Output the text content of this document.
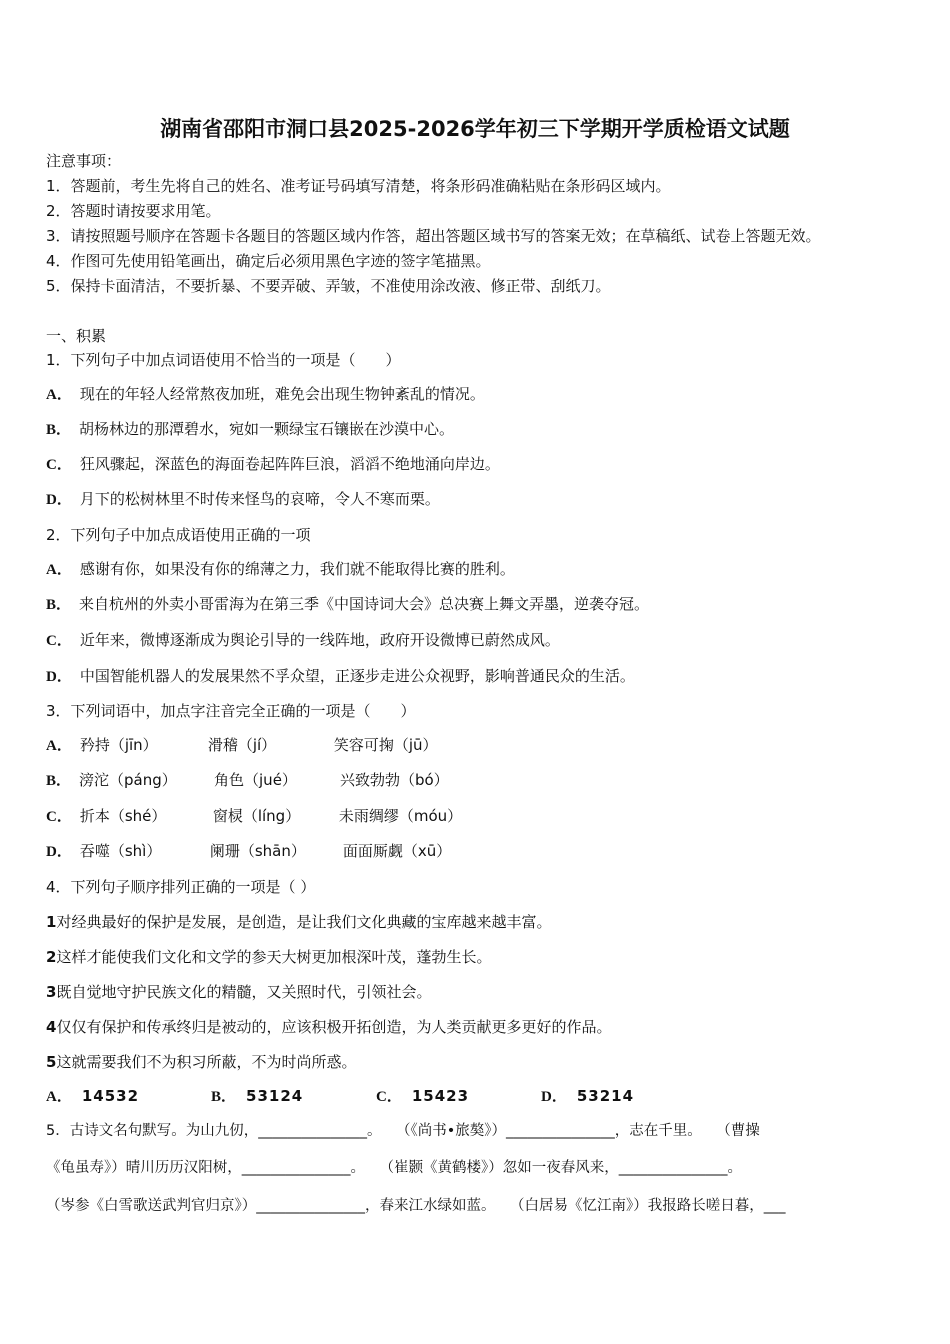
湖南省邵阳市洞口县2025-2026学年初三下学期开学质检语文试题
注意事项：
1．答题前，考生先将自己的姓名、准考证号码填写清楚，将条形码准确粘贴在条形码区域内。
2．答题时请按要求用笔。
3．请按照题号顺序在答题卡各题目的答题区域内作答，超出答题区域书写的答案无效；在草稿纸、试卷上答题无效。
4．作图可先使用铅笔画出，确定后必须用黑色字迹的签字笔描黑。
5．保持卡面清洁，不要折暴、不要弄破、弄皱，不准使用涂改液、修正带、刮纸刀。
一、积累
1．下列句子中加点词语使用不恰当的一项是（　　）
A． 现在的年轻人经常熬夜加班，难免会出现生物钟紊乱的情况。
B． 胡杨林边的那潭碧水，宛如一颗绿宝石镶嵌在沙漠中心。
C． 狂风骤起，深蓝色的海面卷起阵阵巨浪，滔滔不绝地涌向岸边。
D． 月下的松树林里不时传来怪鸟的哀啼，令人不寒而栗。
2．下列句子中加点成语使用正确的一项
A． 感谢有你，如果没有你的绵薄之力，我们就不能取得比赛的胜利。
B． 来自杭州的外卖小哥雷海为在第三季《中国诗词大会》总决赛上舞文弄墨，逆袭夺冠。
C． 近年来，微博逐渐成为舆论引导的一线阵地，政府开设微博已蔚然成风。
D． 中国智能机器人的发展果然不孚众望，正逐步走进公众视野，影响普通民众的生活。
3．下列词语中，加点字注音完全正确的一项是（　　）
A． 矜持（jīn）	滑稽（jí）	笑容可掬（jū）
B． 滂沱（páng） 角色（jué）	兴致勃勃（bó）
C． 折本（shé）	窗棂（líng）	未雨绸缪（móu）
D． 吞噬（shì）	阑珊（shān） 面面厮觑（xū）
4．下列句子顺序排列正确的一项是（ ）
1对经典最好的保护是发展，是创造，是让我们文化典藏的宝库越来越丰富。
2这样才能使我们文化和文学的参天大树更加根深叶茂，蓬勃生长。
3既自觉地守护民族文化的精髓，又关照时代，引领社会。
4仅仅有保护和传承终归是被动的，应该积极开拓创造，为人类贡献更多更好的作品。
5这就需要我们不为积习所蔽，不为时尚所惑。
A． 14532	B． 53124	C． 15423	D． 53214
5．古诗文名句默写。为山九仞，_______________。　　（《尚书•旅獒》）_______________，志在千里。　　（曹操
《龟虽寿》）晴川历历汉阳树，_______________。　　（崔颢《黄鹤楼》）忽如一夜春风来，_______________。
（岑参《白雪歌送武判官归京》）_______________，春来江水绿如蓝。　　（白居易《忆江南》）我报路长嗟日暮，___
